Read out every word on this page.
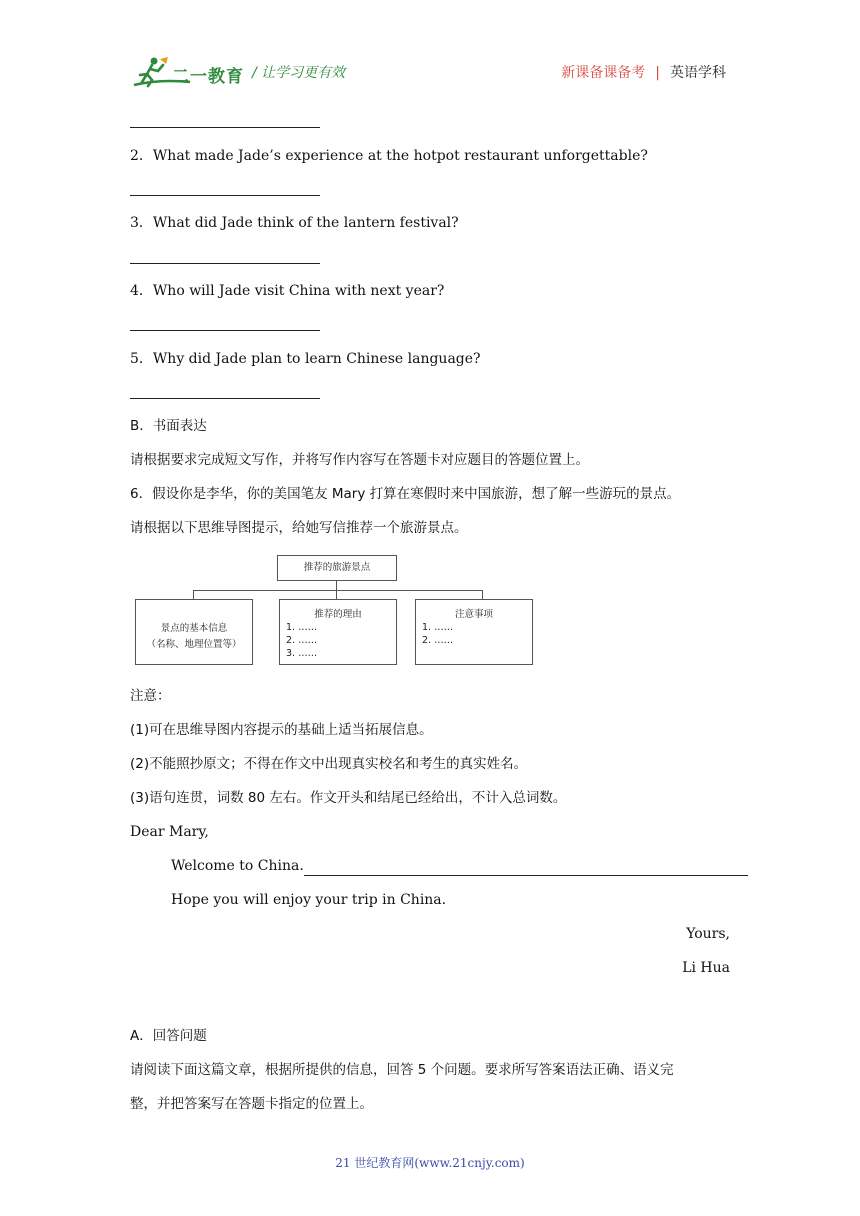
二一教育 / 让学习更有效	新课备课备考 | 英语学科
2．What made Jade’s experience at the hotpot restaurant unforgettable?
3．What did Jade think of the lantern festival?
4．Who will Jade visit China with next year?
5．Why did Jade plan to learn Chinese language?
B．书面表达
请根据要求完成短文写作，并将写作内容写在答题卡对应题目的答题位置上。
6．假设你是李华，你的美国笔友 Mary 打算在寒假时来中国旅游，想了解一些游玩的景点。
请根据以下思维导图提示，给她写信推荐一个旅游景点。
推荐的旅游景点
景点的基本信息
（名称、地理位置等）
推荐的理由
1. ……
2. ……
3. ……
注意事项
1. ……
2. ……
注意：
(1)可在思维导图内容提示的基础上适当拓展信息。
(2)不能照抄原文；不得在作文中出现真实校名和考生的真实姓名。
(3)语句连贯，词数 80 左右。作文开头和结尾已经给出，不计入总词数。
Dear Mary,
Welcome to China.
Hope you will enjoy your trip in China.
Yours,
Li Hua
A．回答问题
请阅读下面这篇文章，根据所提供的信息，回答 5 个问题。要求所写答案语法正确、语义完
整，并把答案写在答题卡指定的位置上。
21 世纪教育网(www.21cnjy.com)
